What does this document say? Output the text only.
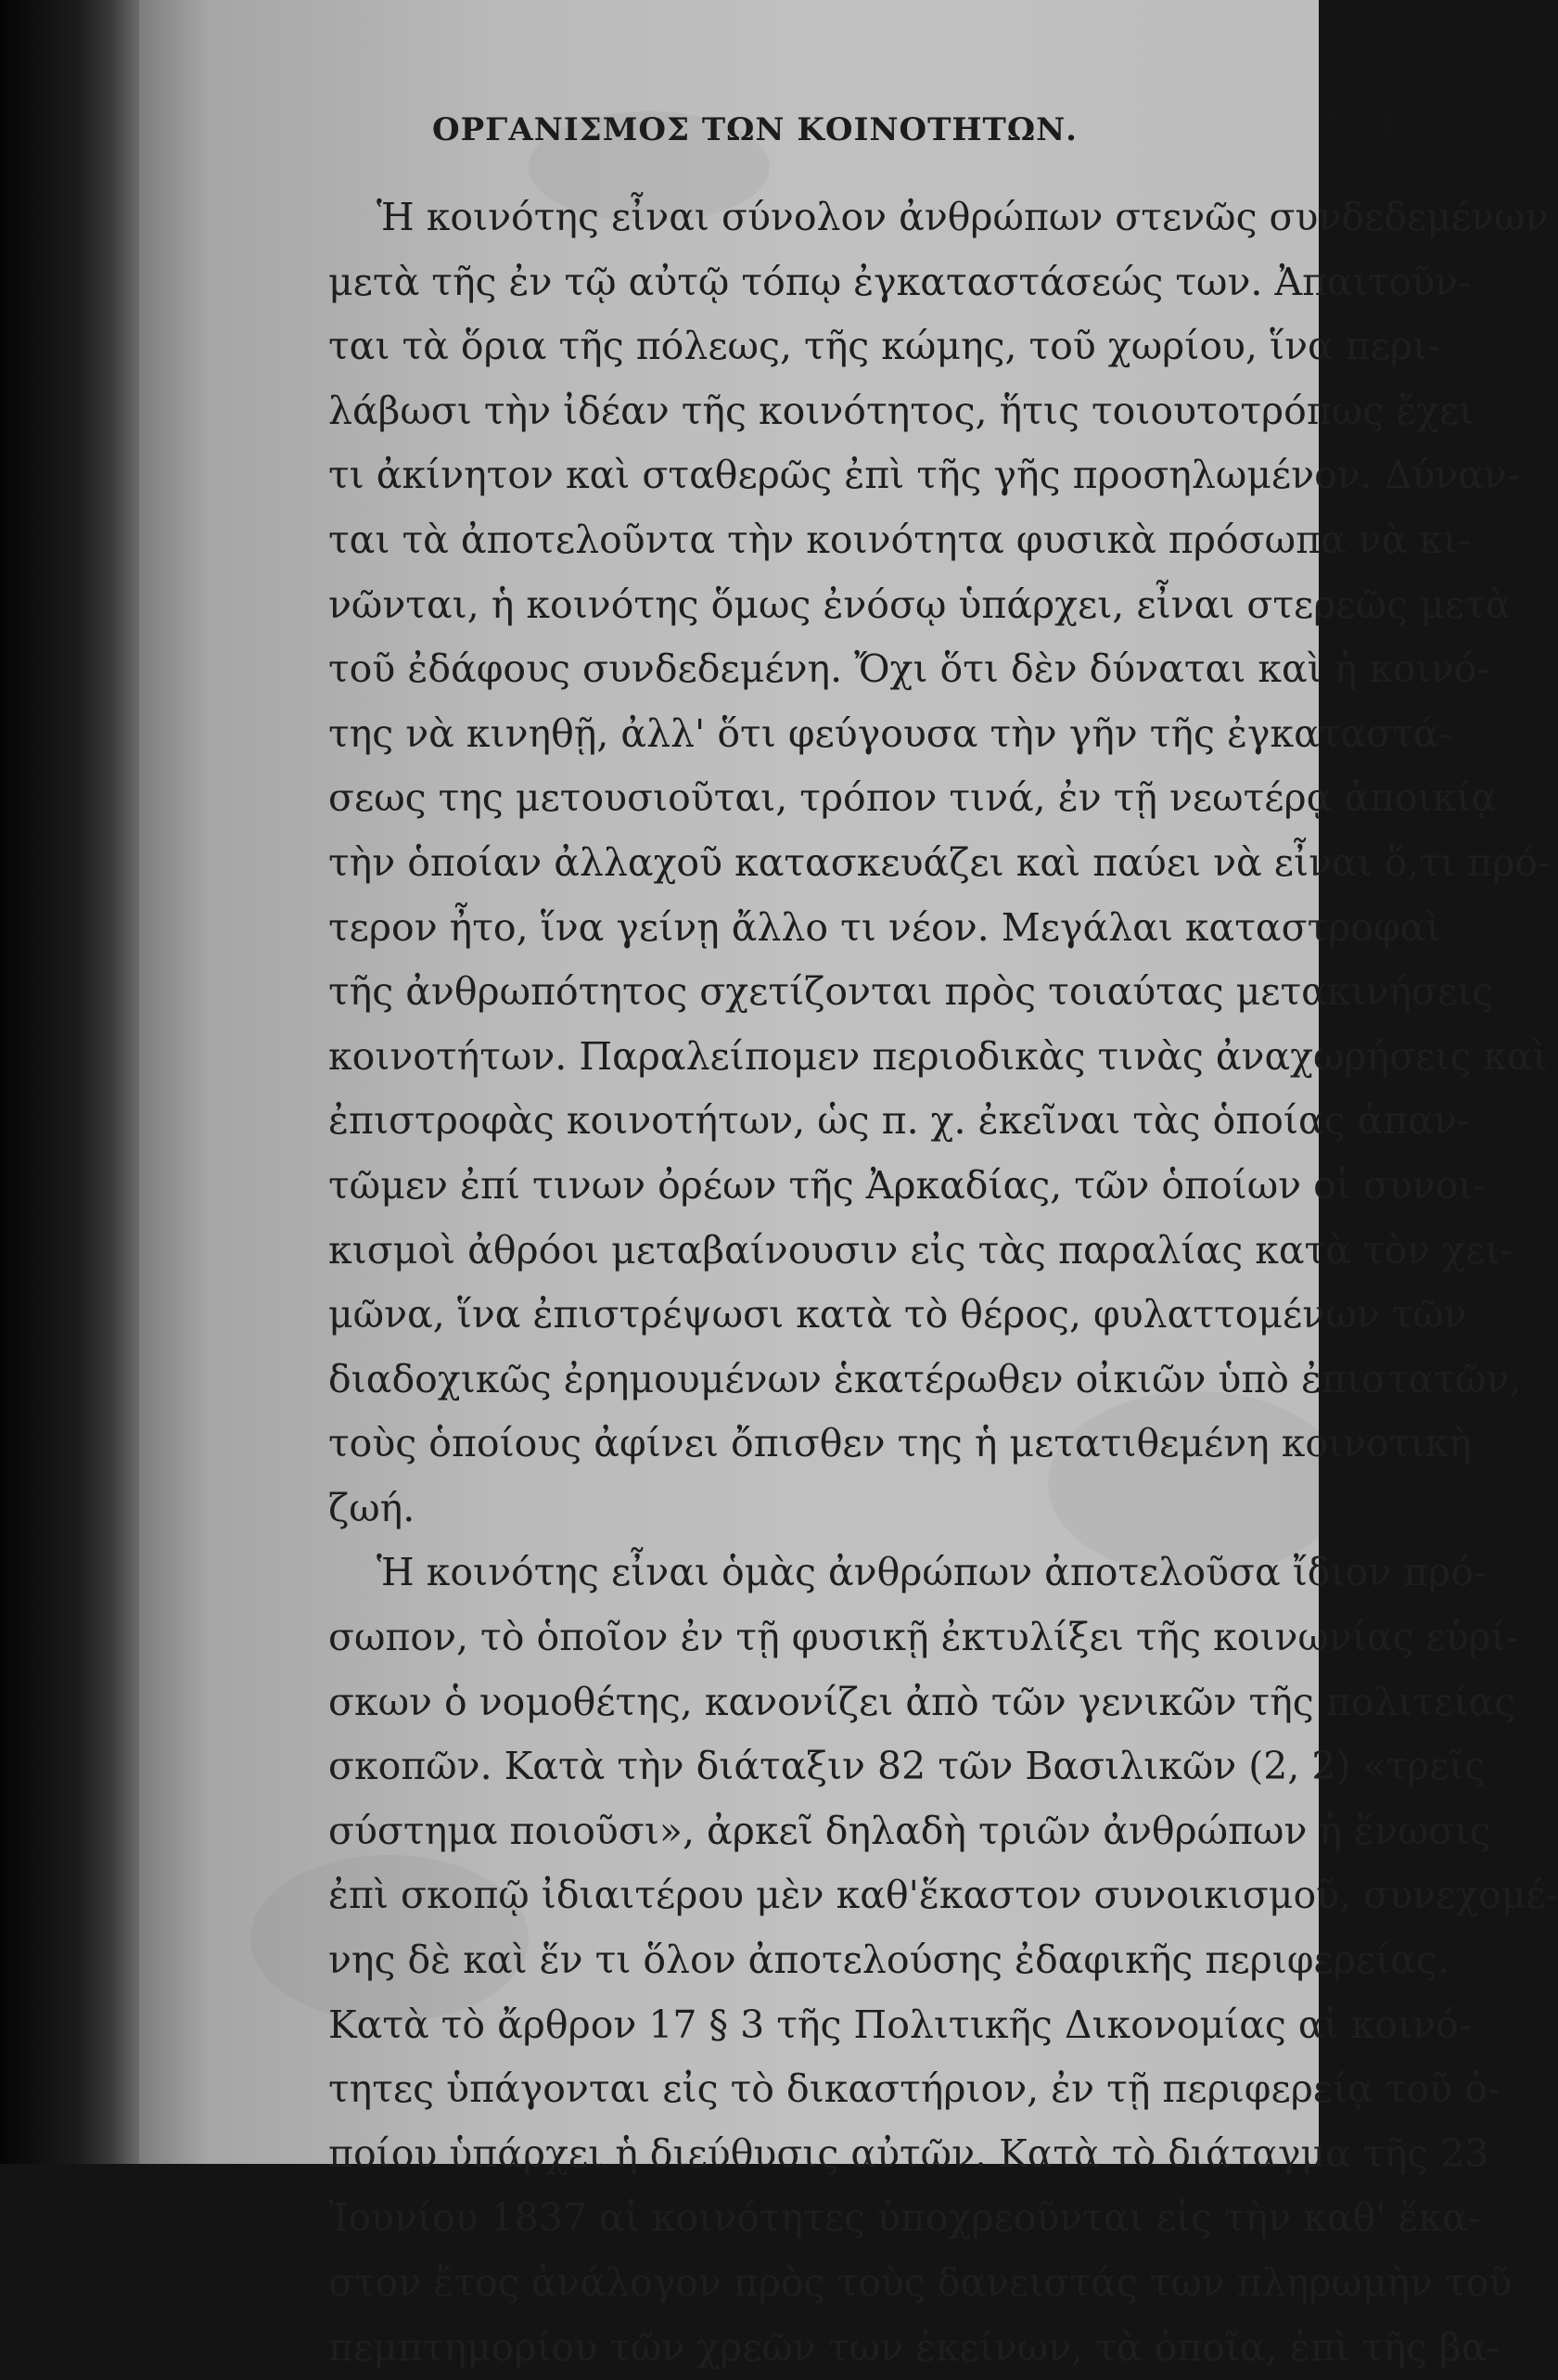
ΟΡΓΑΝΙΣΜΟΣ ΤΩΝ ΚΟΙΝΟΤΗΤΩΝ.	151
Ἡ κοινότης εἶναι σύνολον ἀνθρώπων στενῶς συνδεδεμένων
μετὰ τῆς ἐν τῷ αὐτῷ τόπῳ ἐγκαταστάσεώς των. Ἀπαιτοῦν-
ται τὰ ὅρια τῆς πόλεως, τῆς κώμης, τοῦ χωρίου, ἵνα περι-
λάβωσι τὴν ἰδέαν τῆς κοινότητος, ἥτις τοιουτοτρόπως ἔχει
τι ἀκίνητον καὶ σταθερῶς ἐπὶ τῆς γῆς προσηλωμένον. Δύναν-
ται τὰ ἀποτελοῦντα τὴν κοινότητα φυσικὰ πρόσωπα νὰ κι-
νῶνται, ἡ κοινότης ὅμως ἐνόσῳ ὑπάρχει, εἶναι στερεῶς μετὰ
τοῦ ἐδάφους συνδεδεμένη. Ὄχι ὅτι δὲν δύναται καὶ ἡ κοινό-
της νὰ κινηθῇ, ἀλλ' ὅτι φεύγουσα τὴν γῆν τῆς ἐγκαταστά-
σεως της μετουσιοῦται, τρόπον τινά, ἐν τῇ νεωτέρᾳ ἀποικίᾳ
τὴν ὁποίαν ἀλλαχοῦ κατασκευάζει καὶ παύει νὰ εἶναι ὅ,τι πρό-
τερον ἦτο, ἵνα γείνῃ ἄλλο τι νέον. Μεγάλαι καταστροφαὶ
τῆς ἀνθρωπότητος σχετίζονται πρὸς τοιαύτας μετακινήσεις
κοινοτήτων. Παραλείπομεν περιοδικὰς τινὰς ἀναχωρήσεις καὶ
ἐπιστροφὰς κοινοτήτων, ὡς π. χ. ἐκεῖναι τὰς ὁποίας ἀπαν-
τῶμεν ἐπί τινων ὀρέων τῆς Ἀρκαδίας, τῶν ὁποίων οἱ συνοι-
κισμοὶ ἀθρόοι μεταβαίνουσιν εἰς τὰς παραλίας κατὰ τὸν χει-
μῶνα, ἵνα ἐπιστρέψωσι κατὰ τὸ θέρος, φυλαττομένων τῶν
διαδοχικῶς ἐρημουμένων ἑκατέρωθεν οἰκιῶν ὑπὸ ἐπιστατῶν,
τοὺς ὁποίους ἀφίνει ὄπισθεν της ἡ μετατιθεμένη κοινοτικὴ
ζωή.
Ἡ κοινότης εἶναι ὁμὰς ἀνθρώπων ἀποτελοῦσα ἴδιον πρό-
σωπον, τὸ ὁποῖον ἐν τῇ φυσικῇ ἐκτυλίξει τῆς κοινωνίας εὑρί-
σκων ὁ νομοθέτης, κανονίζει ἀπὸ τῶν γενικῶν τῆς πολιτείας
σκοπῶν. Κατὰ τὴν διάταξιν 82 τῶν Βασιλικῶν (2, 2) «τρεῖς
σύστημα ποιοῦσι», ἀρκεῖ δηλαδὴ τριῶν ἀνθρώπων ἡ ἕνωσις
ἐπὶ σκοπῷ ἰδιαιτέρου μὲν καθ'ἕκαστον συνοικισμοῦ, συνεχομέ-
νης δὲ καὶ ἕν τι ὅλον ἀποτελούσης ἐδαφικῆς περιφερείας.
Κατὰ τὸ ἄρθρον 17 § 3 τῆς Πολιτικῆς Δικονομίας αἱ κοινό-
τητες ὑπάγονται εἰς τὸ δικαστήριον, ἐν τῇ περιφερείᾳ τοῦ ὁ-
ποίου ὑπάρχει ἡ διεύθυσις αὐτῶν. Κατὰ τὸ διάταγμα τῆς 23
Ἰουνίου 1837 αἱ κοινότητες ὑποχρεοῦνται εἰς τὴν καθ' ἕκα-
στον ἔτος ἀνάλογον πρὸς τοὺς δανειστάς των πληρωμὴν τοῦ
πεμπτημορίου τῶν χρεῶν των ἐκείνων, τὰ ὁποῖα, ἐπὶ τῆς βα-
